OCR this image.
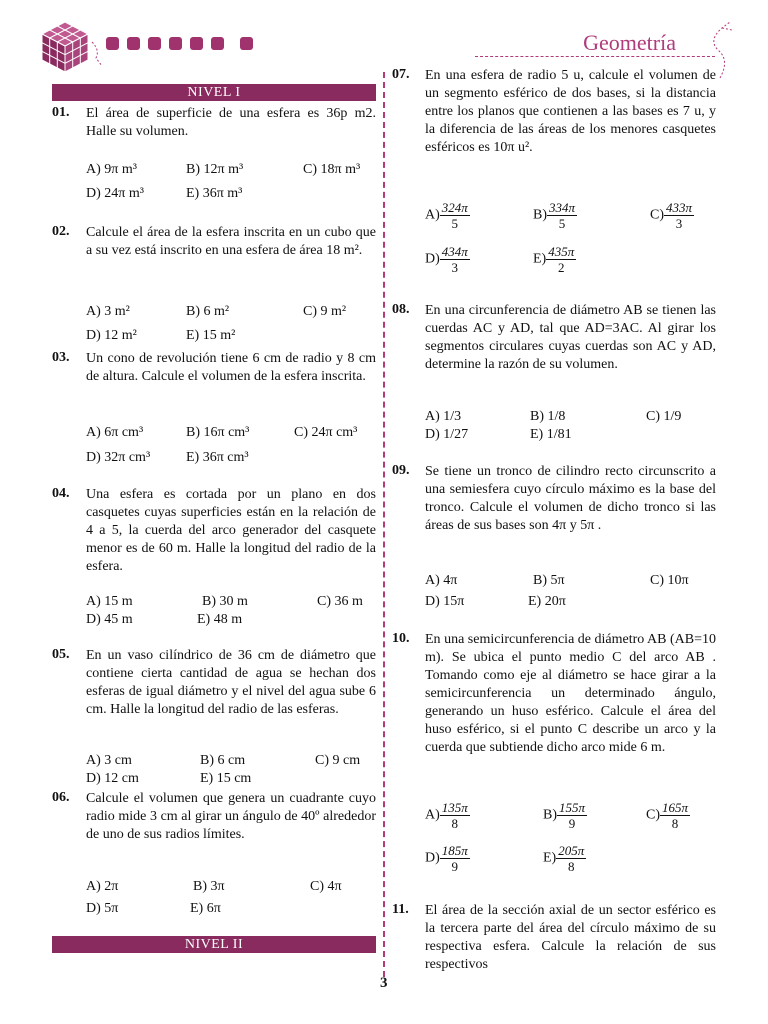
Geometría
NIVEL I
01. El área de superficie de una esfera es 36p m2. Halle su volumen.
A) 9π m³	B) 12π m³	C) 18π m³
D) 24π m³	E) 36π m³
02. Calcule el área de la esfera inscrita en un cubo que a su vez está inscrito en una esfera de área 18 m².
A) 3 m²	B) 6 m²	C) 9 m²
D) 12 m²	E) 15 m²
03. Un cono de revolución tiene 6 cm de radio y 8 cm de altura. Calcule el volumen de la esfera inscrita.
A) 6π cm³	B) 16π cm³	C) 24π cm³
D) 32π cm³	E) 36π cm³
04. Una esfera es cortada por un plano en dos casquetes cuyas superficies están en la relación de 4 a 5, la cuerda del arco generador del casquete menor es de 60 m. Halle la longitud del radio de la esfera.
A) 15 m	B) 30 m	C) 36 m
D) 45 m	E) 48 m
05. En un vaso cilíndrico de 36 cm de diámetro que contiene cierta cantidad de agua se hechan dos esferas de igual diámetro y el nivel del agua sube 6 cm. Halle la longitud del radio de las esferas.
A) 3 cm	B) 6 cm	C) 9 cm
D) 12 cm	E) 15 cm
06. Calcule el volumen que genera un cuadrante cuyo radio mide 3 cm al girar un ángulo de 40º alrededor de uno de sus radios límites.
A) 2π	B) 3π	C) 4π
D) 5π	E) 6π
NIVEL II
07. En una esfera de radio 5 u, calcule el volumen de un segmento esférico de dos bases, si la distancia entre los planos que contienen a las bases es 7 u, y la diferencia de las áreas de los menores casquetes esféricos es 10π u².
$A) \frac{324\pi}{5}$	$B) \frac{334\pi}{5}$	$C) \frac{433\pi}{3}$
$D) \frac{434\pi}{3}$	$E) \frac{435\pi}{2}$
08. En una circunferencia de diámetro AB se tienen las cuerdas AC y AD, tal que AD=3AC. Al girar los segmentos circulares cuyas cuerdas son AC y AD, determine la razón de su volumen.
A) 1/3	B) 1/8	C) 1/9
D) 1/27	E) 1/81
09. Se tiene un tronco de cilindro recto circunscrito a una semiesfera cuyo círculo máximo es la base del tronco. Calcule el volumen de dicho tronco si las áreas de sus bases son 4π y 5π .
A) 4π	B) 5π	C) 10π
D) 15π	E) 20π
10. En una semicircunferencia de diámetro AB (AB=10 m). Se ubica el punto medio C del arco AB . Tomando como eje al diámetro se hace girar a la semicircunferencia un determinado ángulo, generando un huso esférico. Calcule el área del huso esférico, si el punto C describe un arco y la cuerda que subtiende dicho arco mide 6 m.
$A) \frac{135\pi}{8}$	$B) \frac{155\pi}{9}$	$C) \frac{165\pi}{8}$
$D) \frac{185\pi}{9}$	$E) \frac{205\pi}{8}$
11. El área de la sección axial de un sector esférico es la tercera parte del área del círculo máximo de su respectiva esfera. Calcule la relación de sus respectivos
3
